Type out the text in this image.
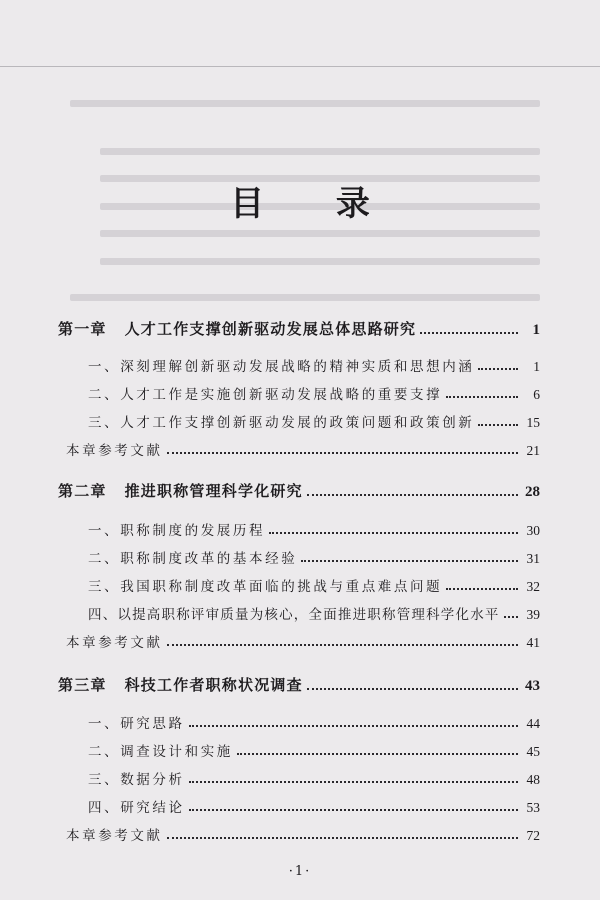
目 录
第一章 人才工作支撑创新驱动发展总体思路研究	1
一、深刻理解创新驱动发展战略的精神实质和思想内涵	1
二、人才工作是实施创新驱动发展战略的重要支撑	6
三、人才工作支撑创新驱动发展的政策问题和政策创新	15
本章参考文献	21
第二章 推进职称管理科学化研究	28
一、职称制度的发展历程	30
二、职称制度改革的基本经验	31
三、我国职称制度改革面临的挑战与重点难点问题	32
四、以提高职称评审质量为核心，全面推进职称管理科学化水平	39
本章参考文献	41
第三章 科技工作者职称状况调查	43
一、研究思路	44
二、调查设计和实施	45
三、数据分析	48
四、研究结论	53
本章参考文献	72
·1·
